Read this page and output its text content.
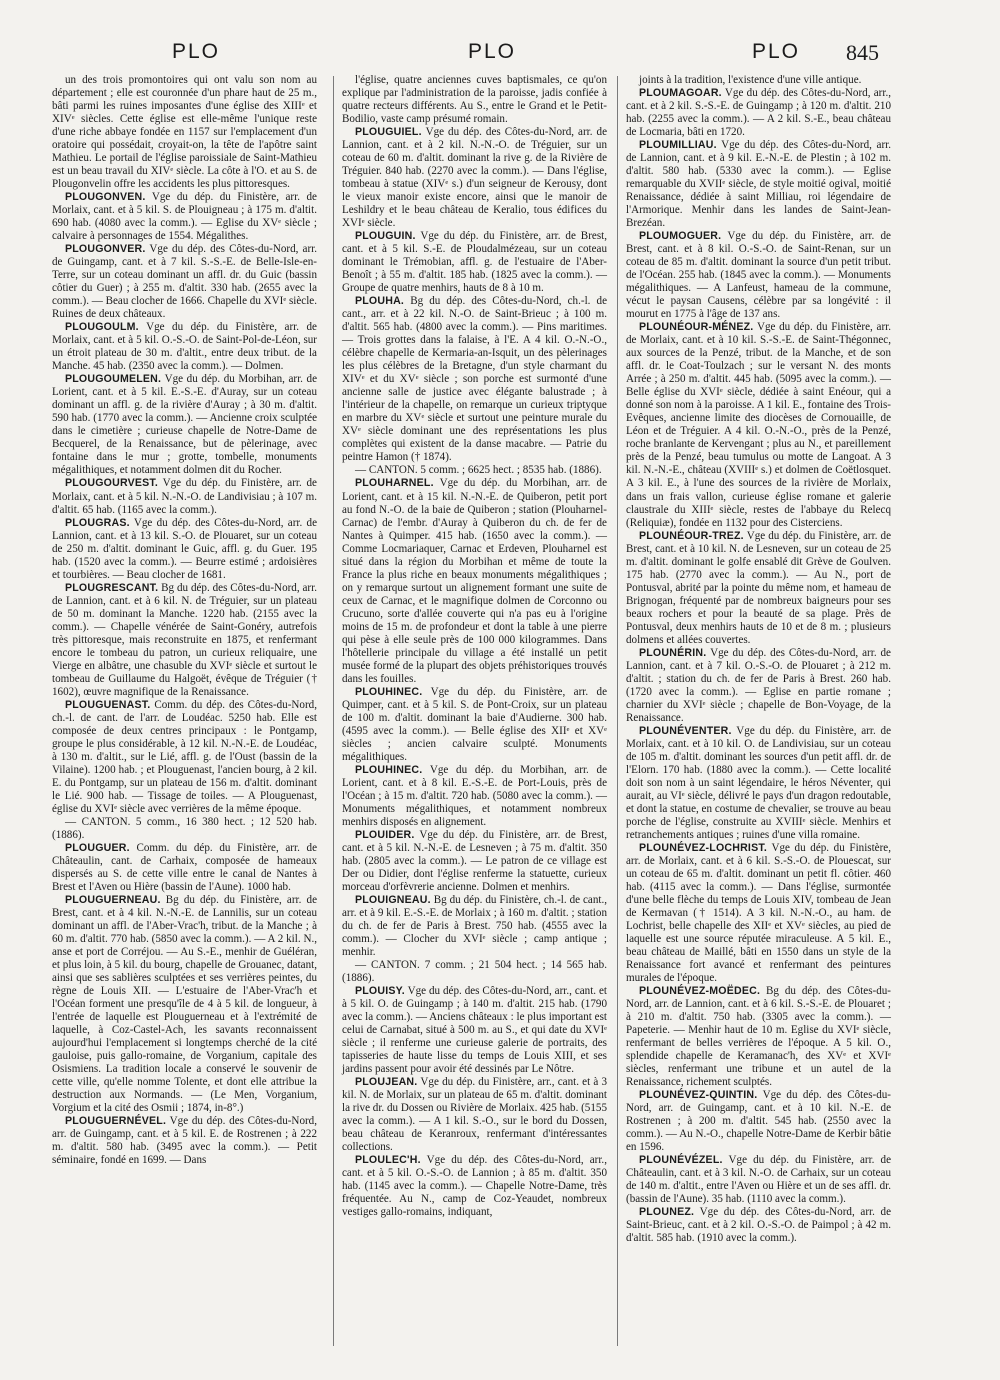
PLO	PLO	PLO 845

un des trois promontoires qui ont valu son nom au département ; elle est couronnée d'un phare haut de 25 m., bâti parmi les ruines imposantes d'une église des XIIIᵉ et XIVᵉ siècles. Cette église est elle-même l'unique reste d'une riche abbaye fondée en 1157 sur l'emplacement d'un oratoire qui possédait, croyait-on, la tête de l'apôtre saint Mathieu. Le portail de l'église paroissiale de Saint-Mathieu est un beau travail du XIVᵉ siècle. La côte à l'O. et au S. de Plougonvelin offre les accidents les plus pittoresques.

PLOUGONVEN. Vge du dép. du Finistère, arr. de Morlaix, cant. et à 5 kil. S. de Plouigneau ; à 175 m. d'altit. 690 hab. (4080 avec la comm.). — Eglise du XVᵉ siècle ; calvaire à personnages de 1554. Mégalithes.

PLOUGONVER. Vge du dép. des Côtes-du-Nord, arr. de Guingamp, cant. et à 7 kil. S.-S.-E. de Belle-Isle-en-Terre, sur un coteau dominant un affl. dr. du Guic (bassin côtier du Guer) ; à 255 m. d'altit. 330 hab. (2655 avec la comm.). — Beau clocher de 1666. Chapelle du XVIᵉ siècle. Ruines de deux châteaux.

PLOUGOULM. Vge du dép. du Finistère, arr. de Morlaix, cant. et à 5 kil. O.-S.-O. de Saint-Pol-de-Léon, sur un étroit plateau de 30 m. d'altit., entre deux tribut. de la Manche. 45 hab. (2350 avec la comm.). — Dolmen.

PLOUGOUMELEN. Vge du dép. du Morbihan, arr. de Lorient, cant. et à 5 kil. E.-S.-E. d'Auray, sur un coteau dominant un affl. g. de la rivière d'Auray ; à 30 m. d'altit. 590 hab. (1770 avec la comm.). — Ancienne croix sculptée dans le cimetière ; curieuse chapelle de Notre-Dame de Becquerel, de la Renaissance, but de pèlerinage, avec fontaine dans le mur ; grotte, tombelle, monuments mégalithiques, et notamment dolmen dit du Rocher.

PLOUGOURVEST. Vge du dép. du Finistère, arr. de Morlaix, cant. et à 5 kil. N.-N.-O. de Landivisiau ; à 107 m. d'altit. 65 hab. (1165 avec la comm.).

PLOUGRAS. Vge du dép. des Côtes-du-Nord, arr. de Lannion, cant. et à 13 kil. S.-O. de Plouaret, sur un coteau de 250 m. d'altit. dominant le Guic, affl. g. du Guer. 195 hab. (1520 avec la comm.). — Beurre estimé ; ardoisières et tourbières. — Beau clocher de 1681.

PLOUGRESCANT. Bg du dép. des Côtes-du-Nord, arr. de Lannion, cant. et à 6 kil. N. de Tréguier, sur un plateau de 50 m. dominant la Manche. 1220 hab. (2155 avec la comm.). — Chapelle vénérée de Saint-Gonéry, autrefois très pittoresque, mais reconstruite en 1875, et renfermant encore le tombeau du patron, un curieux reliquaire, une Vierge en albâtre, une chasuble du XVIᵉ siècle et surtout le tombeau de Guillaume du Halgoët, évêque de Tréguier († 1602), œuvre magnifique de la Renaissance.

PLOUGUENAST. Comm. du dép. des Côtes-du-Nord, ch.-l. de cant. de l'arr. de Loudéac. 5250 hab. Elle est composée de deux centres principaux : le Pontgamp, groupe le plus considérable, à 12 kil. N.-N.-E. de Loudéac, à 130 m. d'altit., sur le Lié, affl. g. de l'Oust (bassin de la Vilaine). 1200 hab. ; et Plouguenast, l'ancien bourg, à 2 kil. E. du Pontgamp, sur un plateau de 156 m. d'altit. dominant le Lié. 900 hab. — Tissage de toiles. — A Plouguenast, église du XVIᵉ siècle avec verrières de la même époque.

— CANTON. 5 comm., 16 380 hect. ; 12 520 hab. (1886).

PLOUGUER. Comm. du dép. du Finistère, arr. de Châteaulin, cant. de Carhaix, composée de hameaux dispersés au S. de cette ville entre le canal de Nantes à Brest et l'Aven ou Hière (bassin de l'Aune). 1000 hab.

PLOUGUERNEAU. Bg du dép. du Finistère, arr. de Brest, cant. et à 4 kil. N.-N.-E. de Lannilis, sur un coteau dominant un affl. de l'Aber-Vrac'h, tribut. de la Manche ; à 60 m. d'altit. 770 hab. (5850 avec la comm.). — A 2 kil. N., anse et port de Corréjou. — Au S.-E., menhir de Guéléran, et plus loin, à 5 kil. du bourg, chapelle de Grouanec, datant, ainsi que ses sablières sculptées et ses verrières peintes, du règne de Louis XII. — L'estuaire de l'Aber-Vrac'h et l'Océan forment une presqu'île de 4 à 5 kil. de longueur, à l'entrée de laquelle est Plouguerneau et à l'extrémité de laquelle, à Coz-Castel-Ach, les savants reconnaissent aujourd'hui l'emplacement si longtemps cherché de la cité gauloise, puis gallo-romaine, de Vorganium, capitale des Osismiens. La tradition locale a conservé le souvenir de cette ville, qu'elle nomme Tolente, et dont elle attribue la destruction aux Normands. — (Le Men, Vorganium, Vorgium et la cité des Osmii ; 1874, in-8°.)

PLOUGUERNÉVEL. Vge du dép. des Côtes-du-Nord, arr. de Guingamp, cant. et à 5 kil. E. de Rostrenen ; à 222 m. d'altit. 580 hab. (3495 avec la comm.). — Petit séminaire, fondé en 1699. — Dans

l'église, quatre anciennes cuves baptismales, ce qu'on explique par l'administration de la paroisse, jadis confiée à quatre recteurs différents. Au S., entre le Grand et le Petit-Bodilio, vaste camp présumé romain.

PLOUGUIEL. Vge du dép. des Côtes-du-Nord, arr. de Lannion, cant. et à 2 kil. N.-N.-O. de Tréguier, sur un coteau de 60 m. d'altit. dominant la rive g. de la Rivière de Tréguier. 840 hab. (2270 avec la comm.). — Dans l'église, tombeau à statue (XIVᵉ s.) d'un seigneur de Kerousy, dont le vieux manoir existe encore, ainsi que le manoir de Leshildry et le beau château de Keralio, tous édifices du XVIᵉ siècle.

PLOUGUIN. Vge du dép. du Finistère, arr. de Brest, cant. et à 5 kil. S.-E. de Ploudalmézeau, sur un coteau dominant le Trémobian, affl. g. de l'estuaire de l'Aber-Benoît ; à 55 m. d'altit. 185 hab. (1825 avec la comm.). — Groupe de quatre menhirs, hauts de 8 à 10 m.

PLOUHA. Bg du dép. des Côtes-du-Nord, ch.-l. de cant., arr. et à 22 kil. N.-O. de Saint-Brieuc ; à 100 m. d'altit. 565 hab. (4800 avec la comm.). — Pins maritimes. — Trois grottes dans la falaise, à l'E. A 4 kil. O.-N.-O., célèbre chapelle de Kermaria-an-Isquit, un des pèlerinages les plus célèbres de la Bretagne, d'un style charmant du XIVᵉ et du XVᵉ siècle ; son porche est surmonté d'une ancienne salle de justice avec élégante balustrade ; à l'intérieur de la chapelle, on remarque un curieux triptyque en marbre du XVᵉ siècle et surtout une peinture murale du XVᵉ siècle dominant une des représentations les plus complètes qui existent de la danse macabre. — Patrie du peintre Hamon († 1874).

— CANTON. 5 comm. ; 6625 hect. ; 8535 hab. (1886).

PLOUHARNEL. Vge du dép. du Morbihan, arr. de Lorient, cant. et à 15 kil. N.-N.-E. de Quiberon, petit port au fond N.-O. de la baie de Quiberon ; station (Plouharnel-Carnac) de l'embr. d'Auray à Quiberon du ch. de fer de Nantes à Quimper. 415 hab. (1650 avec la comm.). — Comme Locmariaquer, Carnac et Erdeven, Plouharnel est situé dans la région du Morbihan et même de toute la France la plus riche en beaux monuments mégalithiques ; on y remarque surtout un alignement formant une suite de ceux de Carnac, et le magnifique dolmen de Corconno ou Crucuno, sorte d'allée couverte qui n'a pas eu à l'origine moins de 15 m. de profondeur et dont la table à une pierre qui pèse à elle seule près de 100 000 kilogrammes. Dans l'hôtellerie principale du village a été installé un petit musée formé de la plupart des objets préhistoriques trouvés dans les fouilles.

PLOUHINEC. Vge du dép. du Finistère, arr. de Quimper, cant. et à 5 kil. S. de Pont-Croix, sur un plateau de 100 m. d'altit. dominant la baie d'Audierne. 300 hab. (4595 avec la comm.). — Belle église des XIIᵉ et XVᵉ siècles ; ancien calvaire sculpté. Monuments mégalithiques.

PLOUHINEC. Vge du dép. du Morbihan, arr. de Lorient, cant. et à 8 kil. E.-S.-E. de Port-Louis, près de l'Océan ; à 15 m. d'altit. 720 hab. (5080 avec la comm.). — Monuments mégalithiques, et notamment nombreux menhirs disposés en alignement.

PLOUIDER. Vge du dép. du Finistère, arr. de Brest, cant. et à 5 kil. N.-N.-E. de Lesneven ; à 75 m. d'altit. 350 hab. (2805 avec la comm.). — Le patron de ce village est Der ou Didier, dont l'église renferme la statuette, curieux morceau d'orfèvrerie ancienne. Dolmen et menhirs.

PLOUIGNEAU. Bg du dép. du Finistère, ch.-l. de cant., arr. et à 9 kil. E.-S.-E. de Morlaix ; à 160 m. d'altit. ; station du ch. de fer de Paris à Brest. 750 hab. (4555 avec la comm.). — Clocher du XVIᵉ siècle ; camp antique ; menhir.

— CANTON. 7 comm. ; 21 504 hect. ; 14 565 hab. (1886).

PLOUISY. Vge du dép. des Côtes-du-Nord, arr., cant. et à 5 kil. O. de Guingamp ; à 140 m. d'altit. 215 hab. (1790 avec la comm.). — Anciens châteaux : le plus important est celui de Carnabat, situé à 500 m. au S., et qui date du XVIᵉ siècle ; il renferme une curieuse galerie de portraits, des tapisseries de haute lisse du temps de Louis XIII, et ses jardins passent pour avoir été dessinés par Le Nôtre.

PLOUJEAN. Vge du dép. du Finistère, arr., cant. et à 3 kil. N. de Morlaix, sur un plateau de 65 m. d'altit. dominant la rive dr. du Dossen ou Rivière de Morlaix. 425 hab. (5155 avec la comm.). — A 1 kil. S.-O., sur le bord du Dossen, beau château de Keranroux, renfermant d'intéressantes collections.

PLOULEC'H. Vge du dép. des Côtes-du-Nord, arr., cant. et à 5 kil. O.-S.-O. de Lannion ; à 85 m. d'altit. 350 hab. (1145 avec la comm.). — Chapelle Notre-Dame, très fréquentée. Au N., camp de Coz-Yeaudet, nombreux vestiges gallo-romains, indiquant,

joints à la tradition, l'existence d'une ville antique.

PLOUMAGOAR. Vge du dép. des Côtes-du-Nord, arr., cant. et à 2 kil. S.-S.-E. de Guingamp ; à 120 m. d'altit. 210 hab. (2255 avec la comm.). — A 2 kil. S.-E., beau château de Locmaria, bâti en 1720.

PLOUMILLIAU. Vge du dép. des Côtes-du-Nord, arr. de Lannion, cant. et à 9 kil. E.-N.-E. de Plestin ; à 102 m. d'altit. 580 hab. (5330 avec la comm.). — Eglise remarquable du XVIIᵉ siècle, de style moitié ogival, moitié Renaissance, dédiée à saint Milliau, roi légendaire de l'Armorique. Menhir dans les landes de Saint-Jean-Brezéan.

PLOUMOGUER. Vge du dép. du Finistère, arr. de Brest, cant. et à 8 kil. O.-S.-O. de Saint-Renan, sur un coteau de 85 m. d'altit. dominant la source d'un petit tribut. de l'Océan. 255 hab. (1845 avec la comm.). — Monuments mégalithiques. — A Lanfeust, hameau de la commune, vécut le paysan Causens, célèbre par sa longévité : il mourut en 1775 à l'âge de 137 ans.

PLOUNÉOUR-MÉNEZ. Vge du dép. du Finistère, arr. de Morlaix, cant. et à 10 kil. S.-S.-E. de Saint-Thégonnec, aux sources de la Penzé, tribut. de la Manche, et de son affl. dr. le Coat-Toulzach ; sur le versant N. des monts Arrée ; à 250 m. d'altit. 445 hab. (5095 avec la comm.). — Belle église du XVIᵉ siècle, dédiée à saint Enéour, qui a donné son nom à la paroisse. A 1 kil. E., fontaine des Trois-Evêques, ancienne limite des diocèses de Cornouaille, de Léon et de Tréguier. A 4 kil. O.-N.-O., près de la Penzé, roche branlante de Kervengant ; plus au N., et pareillement près de la Penzé, beau tumulus ou motte de Langoat. A 3 kil. N.-N.-E., château (XVIIIᵉ s.) et dolmen de Coëtlosquet. A 3 kil. E., à l'une des sources de la rivière de Morlaix, dans un frais vallon, curieuse église romane et galerie claustrale du XIIIᵉ siècle, restes de l'abbaye du Relecq (Reliquiæ), fondée en 1132 pour des Cisterciens.

PLOUNÉOUR-TREZ. Vge du dép. du Finistère, arr. de Brest, cant. et à 10 kil. N. de Lesneven, sur un coteau de 25 m. d'altit. dominant le golfe ensablé dit Grève de Goulven. 175 hab. (2770 avec la comm.). — Au N., port de Pontusval, abrité par la pointe du même nom, et hameau de Brignogan, fréquenté par de nombreux baigneurs pour ses beaux rochers et pour la beauté de sa plage. Près de Pontusval, deux menhirs hauts de 10 et de 8 m. ; plusieurs dolmens et allées couvertes.

PLOUNÉRIN. Vge du dép. des Côtes-du-Nord, arr. de Lannion, cant. et à 7 kil. O.-S.-O. de Plouaret ; à 212 m. d'altit. ; station du ch. de fer de Paris à Brest. 260 hab. (1720 avec la comm.). — Eglise en partie romane ; charnier du XVIᵉ siècle ; chapelle de Bon-Voyage, de la Renaissance.

PLOUNÉVENTER. Vge du dép. du Finistère, arr. de Morlaix, cant. et à 10 kil. O. de Landivisiau, sur un coteau de 105 m. d'altit. dominant les sources d'un petit affl. dr. de l'Elorn. 170 hab. (1880 avec la comm.). — Cette localité doit son nom à un saint légendaire, le héros Néventer, qui aurait, au VIᵉ siècle, délivré le pays d'un dragon redoutable, et dont la statue, en costume de chevalier, se trouve au beau porche de l'église, construite au XVIIIᵉ siècle. Menhirs et retranchements antiques ; ruines d'une villa romaine.

PLOUNÉVEZ-LOCHRIST. Vge du dép. du Finistère, arr. de Morlaix, cant. et à 6 kil. S.-S.-O. de Plouescat, sur un coteau de 65 m. d'altit. dominant un petit fl. côtier. 460 hab. (4115 avec la comm.). — Dans l'église, surmontée d'une belle flèche du temps de Louis XIV, tombeau de Jean de Kermavan († 1514). A 3 kil. N.-N.-O., au ham. de Lochrist, belle chapelle des XIIᵉ et XVᵉ siècles, au pied de laquelle est une source réputée miraculeuse. A 5 kil. E., beau château de Maillé, bâti en 1550 dans un style de la Renaissance fort avancé et renfermant des peintures murales de l'époque.

PLOUNÉVEZ-MOËDEC. Bg du dép. des Côtes-du-Nord, arr. de Lannion, cant. et à 6 kil. S.-S.-E. de Plouaret ; à 210 m. d'altit. 750 hab. (3305 avec la comm.). — Papeterie. — Menhir haut de 10 m. Eglise du XVIᵉ siècle, renfermant de belles verrières de l'époque. A 5 kil. O., splendide chapelle de Keramanac'h, des XVᵉ et XVIᵉ siècles, renfermant une tribune et un autel de la Renaissance, richement sculptés.

PLOUNÉVEZ-QUINTIN. Vge du dép. des Côtes-du-Nord, arr. de Guingamp, cant. et à 10 kil. N.-E. de Rostrenen ; à 200 m. d'altit. 545 hab. (2550 avec la comm.). — Au N.-O., chapelle Notre-Dame de Kerbir bâtie en 1596.

PLOUNÉVÉZEL. Vge du dép. du Finistère, arr. de Châteaulin, cant. et à 3 kil. N.-O. de Carhaix, sur un coteau de 140 m. d'altit., entre l'Aven ou Hière et un de ses affl. dr. (bassin de l'Aune). 35 hab. (1110 avec la comm.).

PLOUNEZ. Vge du dép. des Côtes-du-Nord, arr. de Saint-Brieuc, cant. et à 2 kil. O.-S.-O. de Paimpol ; à 42 m. d'altit. 585 hab. (1910 avec la comm.).
